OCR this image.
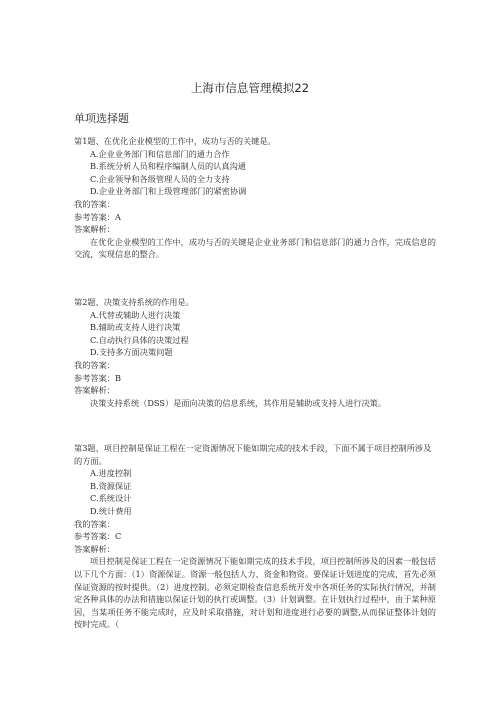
上海市信息管理模拟22
单项选择题

第1题、在优化企业模型的工作中，成功与否的关键是。

A.企业业务部门和信息部门的通力合作
B.系统分析人员和程序编制人员的认真沟通
C.企业领导和各级管理人员的全力支持
D.企业业务部门和上级管理部门的紧密协调

我的答案：

参考答案：A

答案解析：

在优化企业模型的工作中，成功与否的关键是企业业务部门和信息部门的通力合作，完成信息的交流，实现信息的整合。

第2题、决策支持系统的作用是。

A.代替或辅助人进行决策
B.辅助或支持人进行决策
C.自动执行具体的决策过程
D.支持多方面决策问题

我的答案：

参考答案：B

答案解析：

决策支持系统（DSS）是面向决策的信息系统，其作用是辅助或支持人进行决策。

第3题、项目控制是保证工程在一定资源情况下能如期完成的技术手段，下面不属于项目控制所涉及的方面。

A.进度控制
B.资源保证
C.系统设计
D.统计费用

我的答案：

参考答案：C

答案解析：

项目控制是保证工程在一定资源情况下能如期完成的技术手段，项目控制所涉及的因素一般包括以下几个方面：（1）资源保证。资源一般包括人力、资金和物资。要保证计划进度的完成，首先必须保证资源的按时提供。（2）进度控制。必须定期检查信息系统开发中各项任务的实际执行情况，并制定各种具体的办法和措施以保证计划的执行或调整。（3）计划调整。在计划执行过程中，由于某种原因，当某项任务不能完成时，应及时采取措施，对计划和进度进行必要的调整,从而保证整体计划的按时完成。（
